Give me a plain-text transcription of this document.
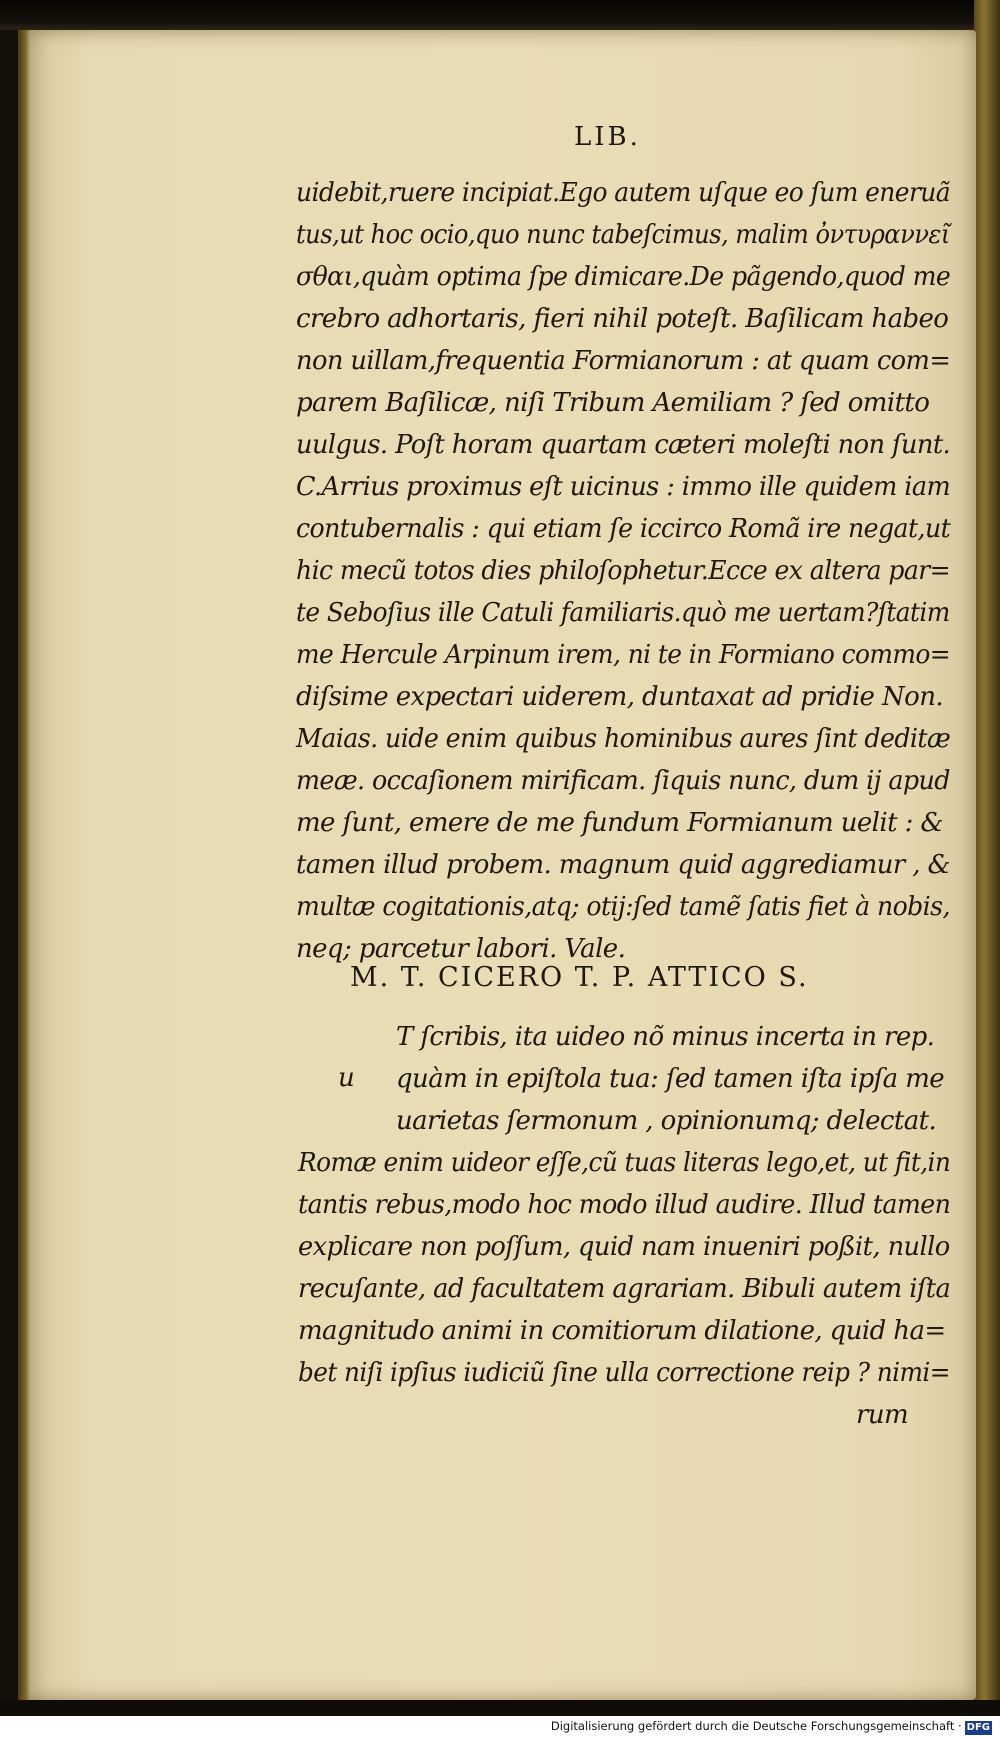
LIB.
uidebit,ruere incipiat.Ego autem uſque eo ſum eneruã
tus,ut hoc ocio,quo nunc tabeſcimus, malim ὀντυραννεῖ
σθαι,quàm optima ſpe dimicare.De pãgendo,quod me
crebro adhortaris, fieri nihil poteſt. Baſilicam habeo
non uillam,frequentia Formianorum : at quam com=
parem Baſilicæ, niſi Tribum Aemiliam ? ſed omitto
uulgus. Poſt horam quartam cæteri moleſti non ſunt.
C.Arrius proximus eſt uicinus : immo ille quidem iam
contubernalis : qui etiam ſe iccirco Romã ire negat,ut
hic mecũ totos dies philoſophetur.Ecce ex altera par=
te Seboſius ille Catuli familiaris.quò me uertam?ſtatim
me Hercule Arpinum irem, ni te in Formiano commo=
diſsime expectari uiderem, duntaxat ad pridie Non.
Maias. uide enim quibus hominibus aures ſint deditæ
meæ. occaſionem mirificam. ſiquis nunc, dum ij apud
me ſunt, emere de me fundum Formianum uelit : &
tamen illud probem. magnum quid aggrediamur , &
multæ cogitationis,atq; otij:ſed tamẽ ſatis fiet à nobis,
neq; parcetur labori. Vale.
M. T. CICERO T. P. ATTICO S.
u
T ſcribis, ita uideo nõ minus incerta in rep.
quàm in epiſtola tua: ſed tamen iſta ipſa me
uarietas ſermonum , opinionumq; delectat.
Romæ enim uideor eſſe,cũ tuas literas lego,et, ut fit,in
tantis rebus,modo hoc modo illud audire. Illud tamen
explicare non poſſum, quid nam inueniri poßit, nullo
recuſante, ad facultatem agrariam. Bibuli autem iſta
magnitudo animi in comitiorum dilatione, quid ha=
bet niſi ipſius iudiciũ ſine ulla correctione reip ? nimi=
rum
Digitalisierung gefördert durch die Deutsche Forschungsgemeinschaft · DFG
